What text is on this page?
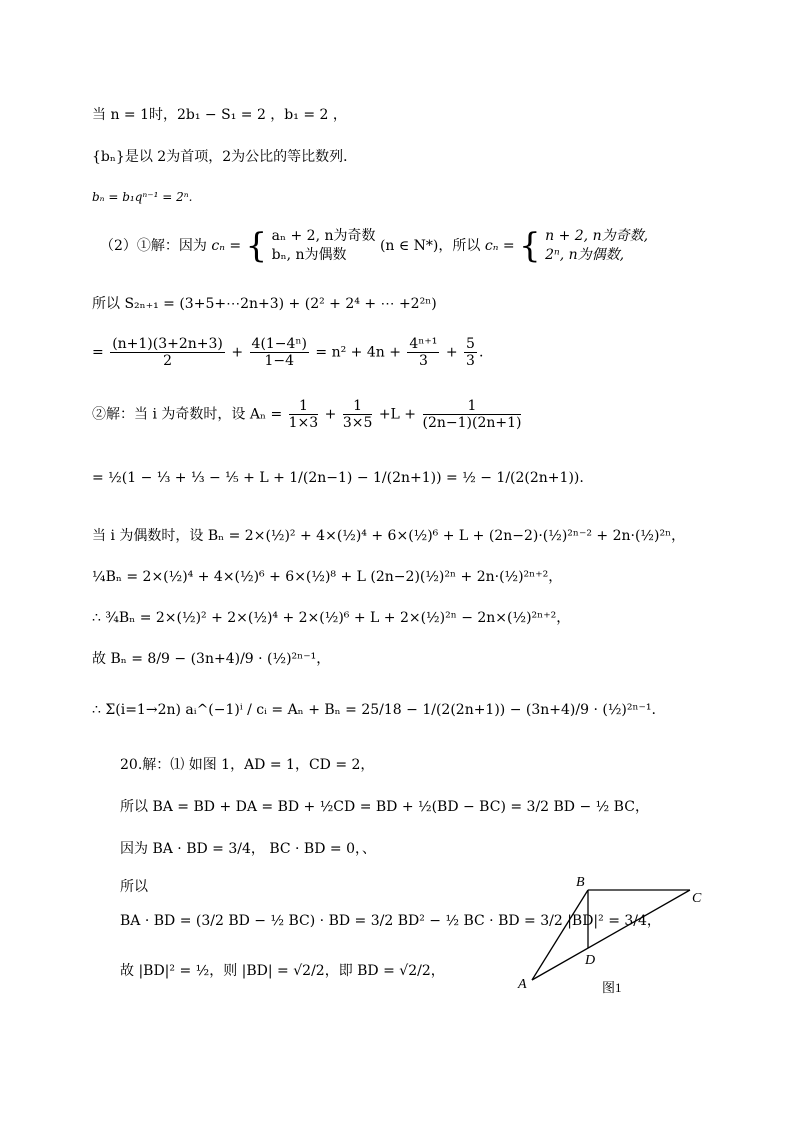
当 n = 1时，2b₁ − S₁ = 2 ，b₁ = 2 ，
{bₙ}是以 2为首项，2为公比的等比数列．
bₙ = b₁qⁿ⁻¹ = 2ⁿ.
（2）①解：因为 cₙ = { aₙ + 2, n为奇数
bₙ, n为偶数
(n ∈ N*)，所以 cₙ = { n + 2, n为奇数,
2ⁿ, n为偶数,
所以 S₂ₙ₊₁ = (3+5+⋯2n+3) + (2² + 2⁴ + ⋯ +2²ⁿ)
= $\frac{(n+1)(3+2n+3)}{2} + \frac{\text{4(1−4ⁿ)}}{1-4} = n^2 + 4n + \frac{\text{4ⁿ⁺¹}}{3} + \frac{5}{3}$ .
②解：当 i 为奇数时，设 $A_n = \frac{1}{1\times 3} + \frac{1}{3\times 5} +L + \frac{1}{(2n-1)(2n+1)}$
= ½(1 − ⅓ + ⅓ − ⅕ + L + 1/(2n−1) − 1/(2n+1)) = ½ − 1/(2(2n+1)).
当 i 为偶数时，设 Bₙ = 2×(½)² + 4×(½)⁴ + 6×(½)⁶ + L + (2n−2)·(½)²ⁿ⁻² + 2n·(½)²ⁿ，
¼Bₙ = 2×(½)⁴ + 4×(½)⁶ + 6×(½)⁸ + L (2n−2)(½)²ⁿ + 2n·(½)²ⁿ⁺²，
∴ ¾Bₙ = 2×(½)² + 2×(½)⁴ + 2×(½)⁶ + L + 2×(½)²ⁿ − 2n×(½)²ⁿ⁺²，
故 Bₙ = 8/9 − (3n+4)/9 · (½)²ⁿ⁻¹，
∴ Σ(i=1→2n) aᵢ^(−1)ⁱ / cᵢ = Aₙ + Bₙ = 25/18 − 1/(2(2n+1)) − (3n+4)/9 · (½)²ⁿ⁻¹.
20.解：⑴ 如图 1，AD = 1，CD = 2，
所以 BA = BD + DA = BD + ½CD = BD + ½(BD − BC) = 3/2 BD − ½ BC，
因为 BA · BD = 3/4， BC · BD = 0，、
所以
BA · BD = (3/2 BD − ½ BC) · BD = 3/2 BD² − ½ BC · BD = 3/2 |BD|² = 3/4，
故 |BD|² = ½，则 |BD| = √2/2，即 BD = √2/2，
B
C
A
D
图1
